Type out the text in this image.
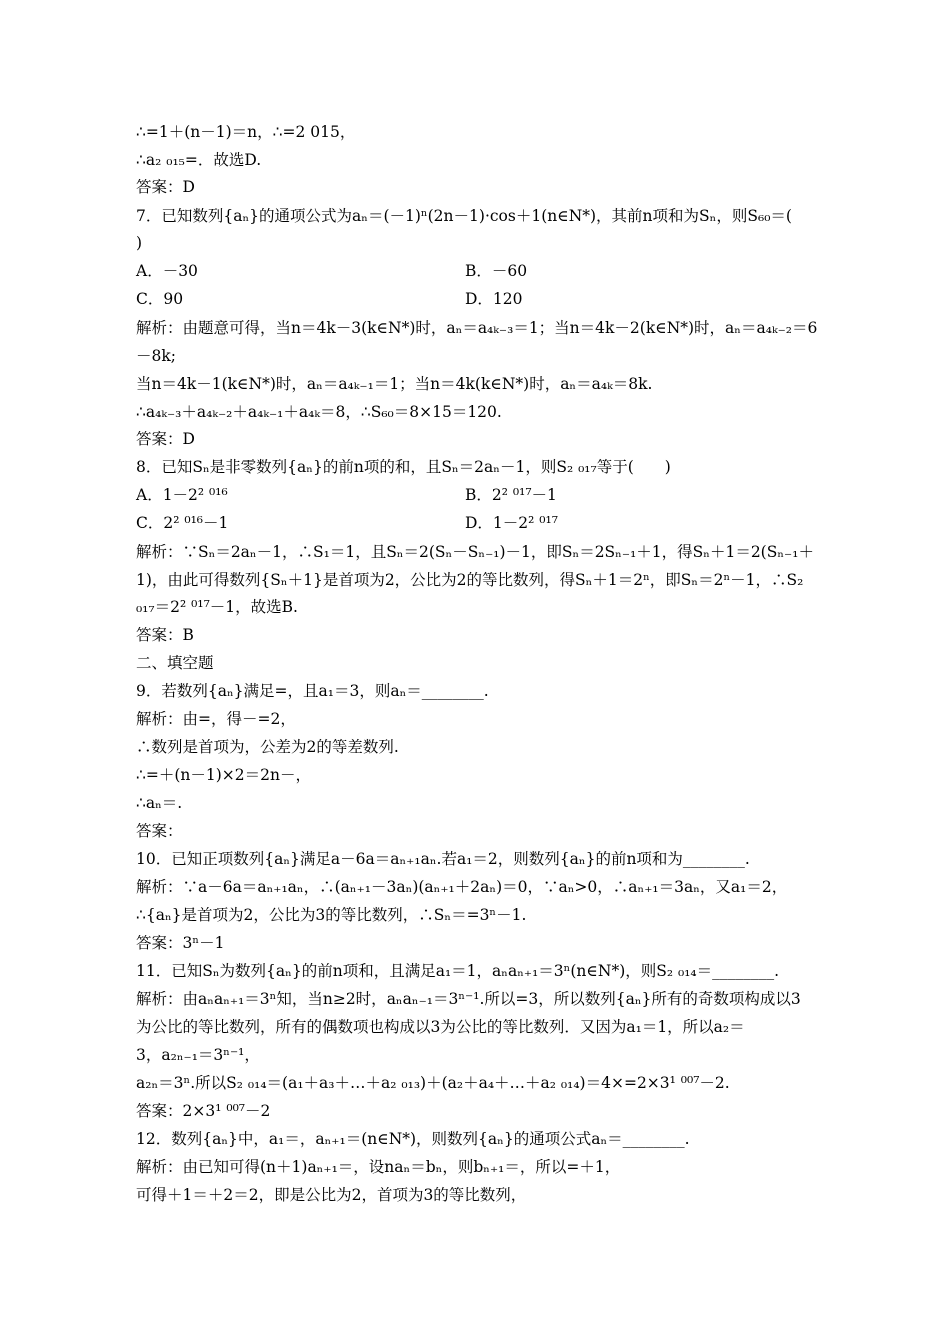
∴=1＋(n－1)＝n，∴=2 015，
∴a₂ ₀₁₅=．故选D.
答案：D
7．已知数列{aₙ}的通项公式为aₙ＝(－1)ⁿ(2n－1)·cos＋1(n∈N*)，其前n项和为Sₙ，则S₆₀＝(
)
A．－30	B．－60
C．90	D．120
解析：由题意可得，当n＝4k－3(k∈N*)时，aₙ＝a₄ₖ₋₃＝1；当n＝4k－2(k∈N*)时，aₙ＝a₄ₖ₋₂＝6
－8k;
当n＝4k－1(k∈N*)时，aₙ＝a₄ₖ₋₁＝1；当n＝4k(k∈N*)时，aₙ＝a₄ₖ＝8k.
∴a₄ₖ₋₃＋a₄ₖ₋₂＋a₄ₖ₋₁＋a₄ₖ＝8，∴S₆₀＝8×15＝120.
答案：D
8．已知Sₙ是非零数列{aₙ}的前n项的和，且Sₙ＝2aₙ－1，则S₂ ₀₁₇等于(　　)
A．1－2² ⁰¹⁶	B．2² ⁰¹⁷－1
C．2² ⁰¹⁶－1	D．1－2² ⁰¹⁷
解析：∵Sₙ＝2aₙ－1，∴S₁＝1，且Sₙ＝2(Sₙ－Sₙ₋₁)－1，即Sₙ＝2Sₙ₋₁＋1，得Sₙ＋1＝2(Sₙ₋₁＋
1)，由此可得数列{Sₙ＋1}是首项为2，公比为2的等比数列，得Sₙ＋1＝2ⁿ，即Sₙ＝2ⁿ－1，∴S₂
₀₁₇＝2² ⁰¹⁷－1，故选B.
答案：B
二、填空题
9．若数列{aₙ}满足=，且a₁＝3，则aₙ＝________.
解析：由=，得－=2，
∴数列是首项为，公差为2的等差数列.
∴=＋(n－1)×2＝2n－，
∴aₙ＝.
答案：
10．已知正项数列{aₙ}满足a－6a＝aₙ₊₁aₙ.若a₁＝2，则数列{aₙ}的前n项和为________.
解析：∵a－6a＝aₙ₊₁aₙ，∴(aₙ₊₁－3aₙ)(aₙ₊₁＋2aₙ)＝0，∵aₙ>0，∴aₙ₊₁＝3aₙ，又a₁＝2，
∴{aₙ}是首项为2，公比为3的等比数列，∴Sₙ＝=3ⁿ－1.
答案：3ⁿ－1
11．已知Sₙ为数列{aₙ}的前n项和，且满足a₁＝1，aₙaₙ₊₁＝3ⁿ(n∈N*)，则S₂ ₀₁₄＝________.
解析：由aₙaₙ₊₁＝3ⁿ知，当n≥2时，aₙaₙ₋₁＝3ⁿ⁻¹.所以=3，所以数列{aₙ}所有的奇数项构成以3
为公比的等比数列，所有的偶数项也构成以3为公比的等比数列．又因为a₁＝1，所以a₂＝
3，a₂ₙ₋₁＝3ⁿ⁻¹，
a₂ₙ＝3ⁿ.所以S₂ ₀₁₄＝(a₁＋a₃＋…＋a₂ ₀₁₃)＋(a₂＋a₄＋…＋a₂ ₀₁₄)＝4×=2×3¹ ⁰⁰⁷－2.
答案：2×3¹ ⁰⁰⁷－2
12．数列{aₙ}中，a₁＝，aₙ₊₁＝(n∈N*)，则数列{aₙ}的通项公式aₙ＝________.
解析：由已知可得(n＋1)aₙ₊₁＝，设naₙ＝bₙ，则bₙ₊₁＝，所以=＋1，
可得＋1＝＋2＝2，即是公比为2，首项为3的等比数列，
